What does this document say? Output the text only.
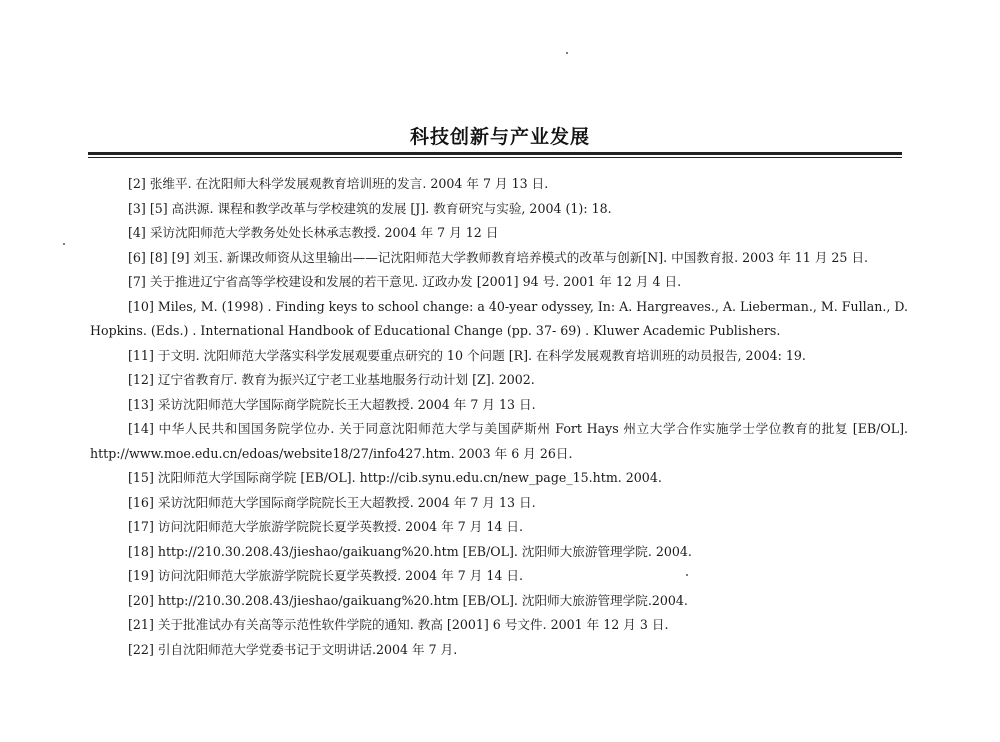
科技创新与产业发展

[2] 张维平. 在沈阳师大科学发展观教育培训班的发言. 2004 年 7 月 13 日.

[3] [5] 高洪源. 课程和教学改革与学校建筑的发展 [J]. 教育研究与实验, 2004 (1): 18.

[4] 采访沈阳师范大学教务处处长林承志教授. 2004 年 7 月 12 日

[6] [8] [9] 刘玉. 新课改师资从这里输出——记沈阳师范大学教师教育培养模式的改革与创新[N]. 中国教育报. 2003 年 11 月 25 日.

[7] 关于推进辽宁省高等学校建设和发展的若干意见. 辽政办发 [2001] 94 号. 2001 年 12 月 4 日.

[10] Miles, M. (1998) . Finding keys to school change: a 40-year odyssey, In: A. Hargreaves., A. Lieberman., M. Fullan., D. Hopkins. (Eds.) . International Handbook of Educational Change (pp. 37- 69) . Kluwer Academic Publishers.

[11] 于文明. 沈阳师范大学落实科学发展观要重点研究的 10 个问题 [R]. 在科学发展观教育培训班的动员报告, 2004: 19.

[12] 辽宁省教育厅. 教育为振兴辽宁老工业基地服务行动计划 [Z]. 2002.

[13] 采访沈阳师范大学国际商学院院长王大超教授. 2004 年 7 月 13 日.

[14] 中华人民共和国国务院学位办. 关于同意沈阳师范大学与美国萨斯州 Fort Hays 州立大学合作实施学士学位教育的批复 [EB/OL]. http://www.moe.edu.cn/edoas/website18/27/info427.htm. 2003 年 6 月 26日.

[15] 沈阳师范大学国际商学院 [EB/OL]. http://cib.synu.edu.cn/new_page_15.htm. 2004.

[16] 采访沈阳师范大学国际商学院院长王大超教授. 2004 年 7 月 13 日.

[17] 访问沈阳师范大学旅游学院院长夏学英教授. 2004 年 7 月 14 日.

[18] http://210.30.208.43/jieshao/gaikuang%20.htm [EB/OL]. 沈阳师大旅游管理学院. 2004.

[19] 访问沈阳师范大学旅游学院院长夏学英教授. 2004 年 7 月 14 日.

[20] http://210.30.208.43/jieshao/gaikuang%20.htm [EB/OL]. 沈阳师大旅游管理学院.2004.

[21] 关于批准试办有关高等示范性软件学院的通知. 教高 [2001] 6 号文件. 2001 年 12 月 3 日.

[22] 引自沈阳师范大学党委书记于文明讲话.2004 年 7 月.
